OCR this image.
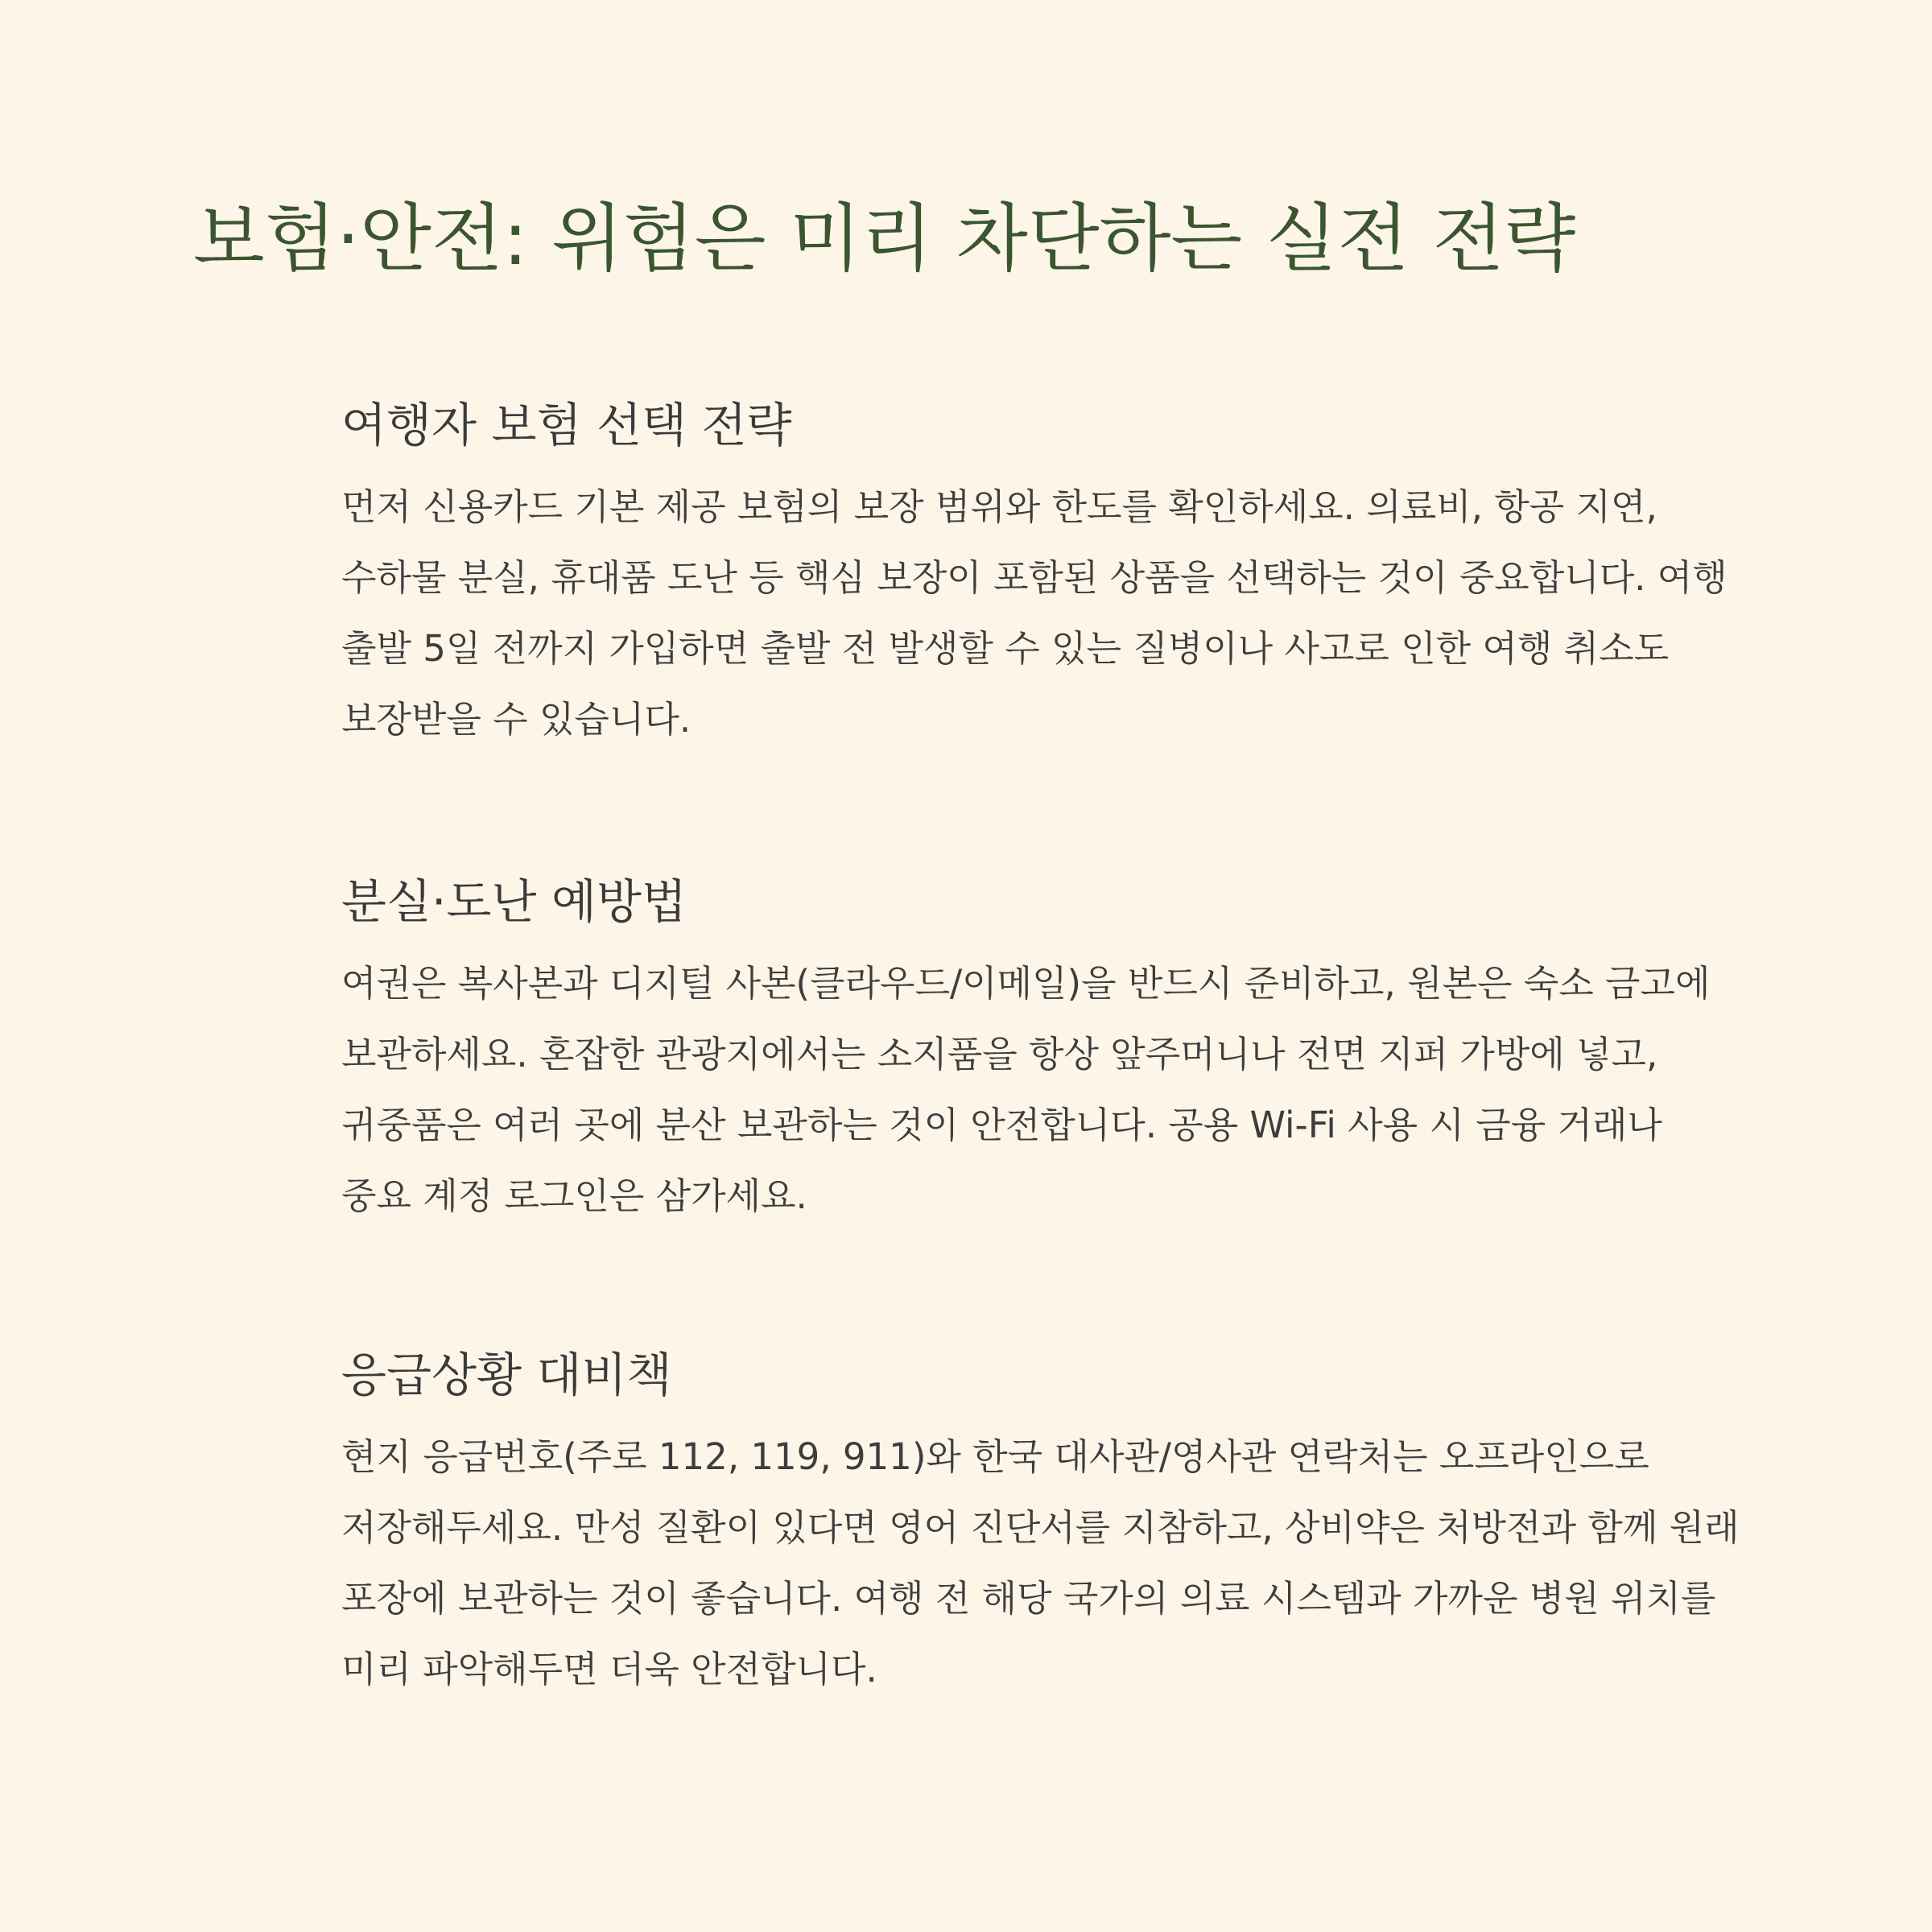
보험·안전: 위험은 미리 차단하는 실전 전략
여행자 보험 선택 전략

먼저 신용카드 기본 제공 보험의 보장 범위와 한도를 확인하세요. 의료비, 항공 지연, 수하물 분실, 휴대품 도난 등 핵심 보장이 포함된 상품을 선택하는 것이 중요합니다. 여행 출발 5일 전까지 가입하면 출발 전 발생할 수 있는 질병이나 사고로 인한 여행 취소도 보장받을 수 있습니다.

분실·도난 예방법

여권은 복사본과 디지털 사본(클라우드/이메일)을 반드시 준비하고, 원본은 숙소 금고에 보관하세요. 혼잡한 관광지에서는 소지품을 항상 앞주머니나 전면 지퍼 가방에 넣고, 귀중품은 여러 곳에 분산 보관하는 것이 안전합니다. 공용 Wi-Fi 사용 시 금융 거래나 중요 계정 로그인은 삼가세요.

응급상황 대비책

현지 응급번호(주로 112, 119, 911)와 한국 대사관/영사관 연락처는 오프라인으로 저장해두세요. 만성 질환이 있다면 영어 진단서를 지참하고, 상비약은 처방전과 함께 원래 포장에 보관하는 것이 좋습니다. 여행 전 해당 국가의 의료 시스템과 가까운 병원 위치를 미리 파악해두면 더욱 안전합니다.
